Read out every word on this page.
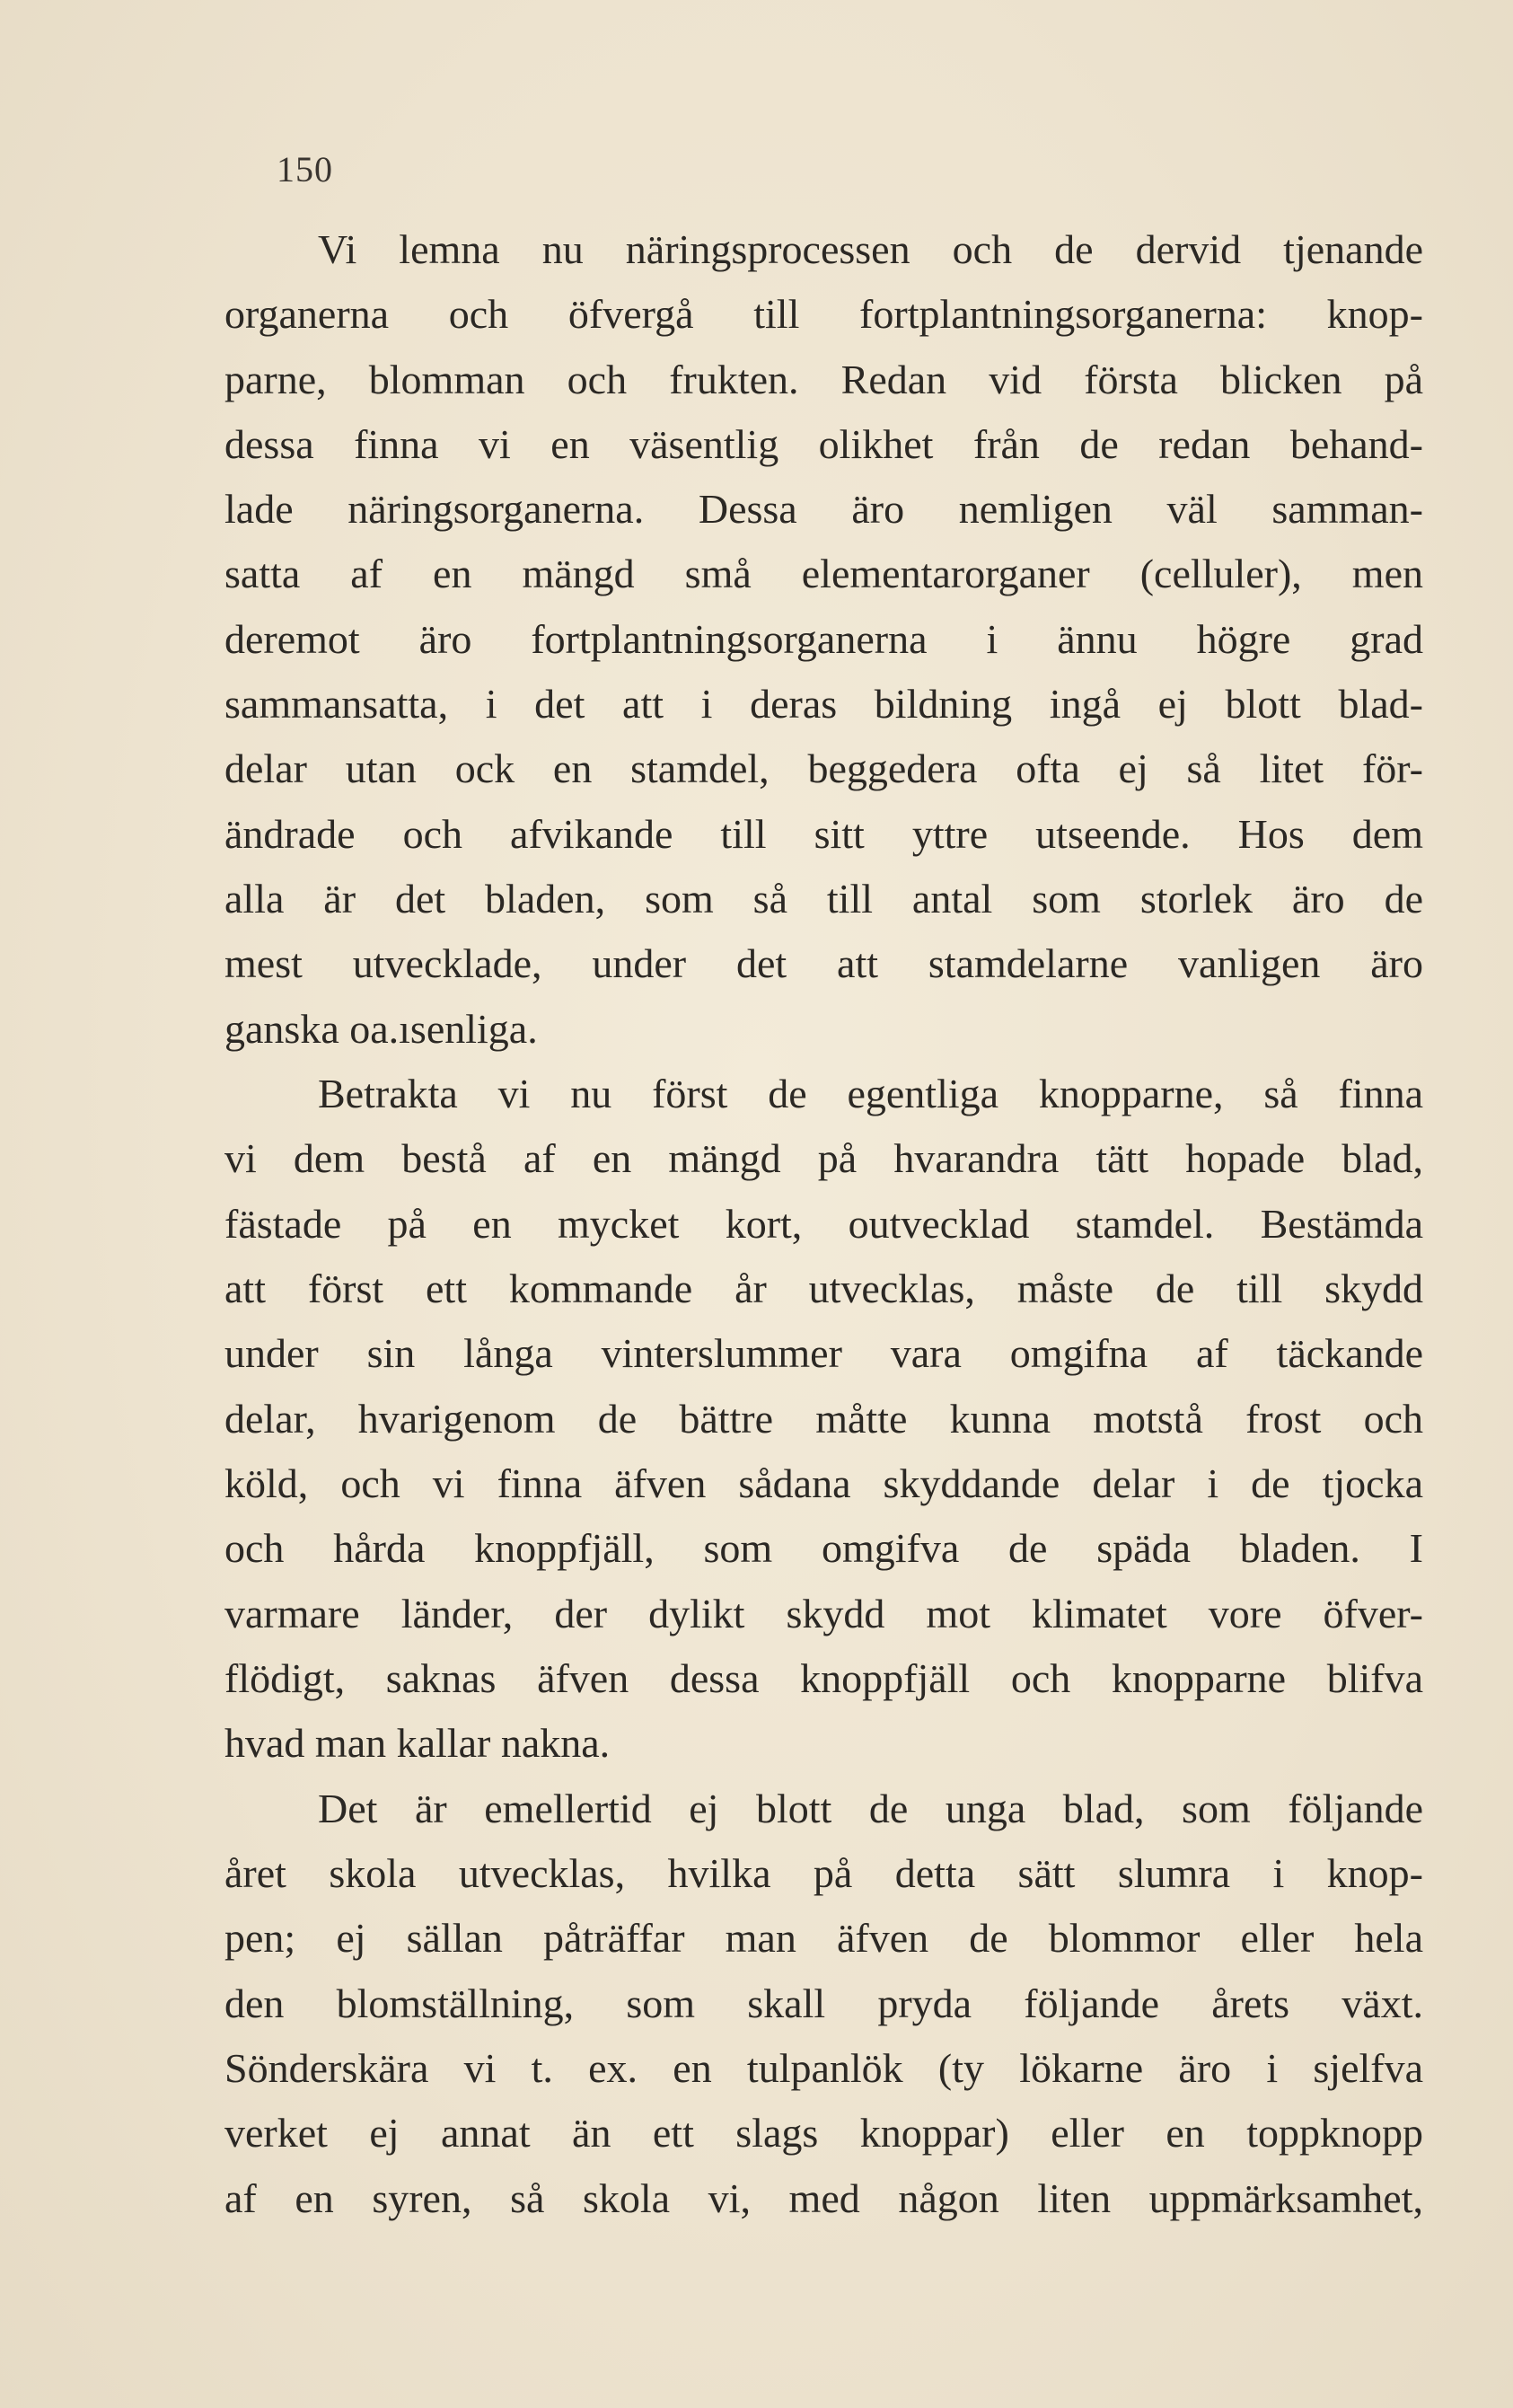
150
Vi lemna nu näringsprocessen och de dervid tjenande
organerna och öfvergå till fortplantningsorganerna: knop-
parne, blomman och frukten. Redan vid första blicken på
dessa finna vi en väsentlig olikhet från de redan behand-
lade näringsorganerna. Dessa äro nemligen väl samman-
satta af en mängd små elementarorganer (celluler), men
deremot äro fortplantningsorganerna i ännu högre grad
sammansatta, i det att i deras bildning ingå ej blott blad-
delar utan ock en stamdel, beggedera ofta ej så litet för-
ändrade och afvikande till sitt yttre utseende. Hos dem
alla är det bladen, som så till antal som storlek äro de
mest utvecklade, under det att stamdelarne vanligen äro
ganska oa.ısenliga.
Betrakta vi nu först de egentliga knopparne, så finna
vi dem bestå af en mängd på hvarandra tätt hopade blad,
fästade på en mycket kort, outvecklad stamdel. Bestämda
att först ett kommande år utvecklas, måste de till skydd
under sin långa vinterslummer vara omgifna af täckande
delar, hvarigenom de bättre måtte kunna motstå frost och
köld, och vi finna äfven sådana skyddande delar i de tjocka
och hårda knoppfjäll, som omgifva de späda bladen. I
varmare länder, der dylikt skydd mot klimatet vore öfver-
flödigt, saknas äfven dessa knoppfjäll och knopparne blifva
hvad man kallar nakna.
Det är emellertid ej blott de unga blad, som följande
året skola utvecklas, hvilka på detta sätt slumra i knop-
pen; ej sällan påträffar man äfven de blommor eller hela
den blomställning, som skall pryda följande årets växt.
Sönderskära vi t. ex. en tulpanlök (ty lökarne äro i sjelfva
verket ej annat än ett slags knoppar) eller en toppknopp
af en syren, så skola vi, med någon liten uppmärksamhet,
